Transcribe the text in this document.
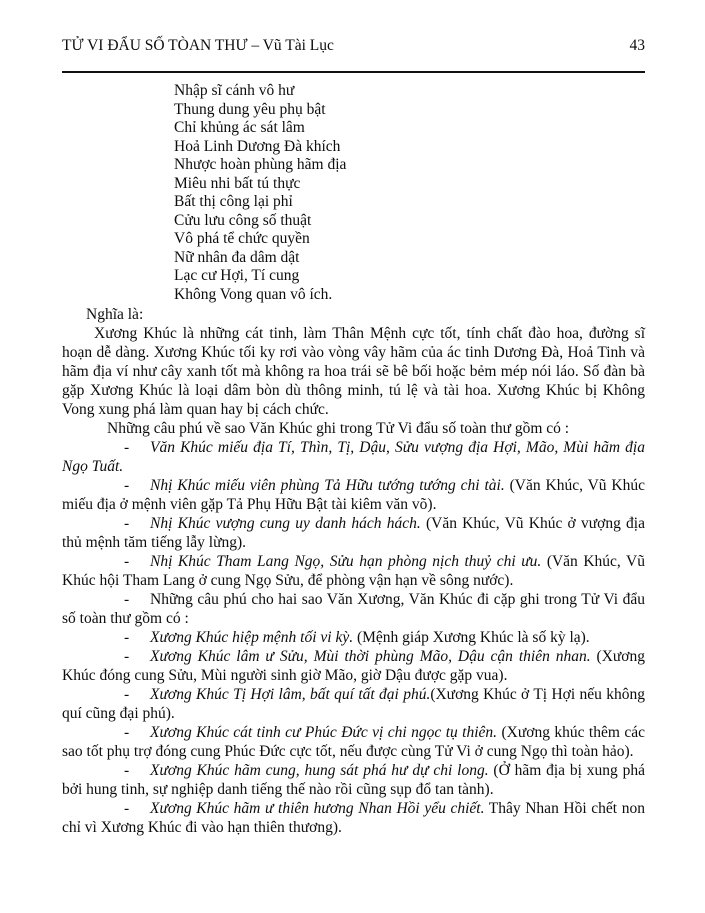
TỬ VI ĐẨU SỐ TÒAN THƯ – Vũ Tài Lục	43
Nhập sĩ cánh vô hư
Thung dung yêu phụ bật
Chỉ khủng ác sát lâm
Hoả Linh Dương Đà khích
Nhược hoàn phùng hãm địa
Miêu nhi bất tú thực
Bất thị công lại phỉ
Cửu lưu công số thuật
Vô phá tể chức quyền
Nữ nhân đa dâm dật
Lạc cư Hợi, Tí cung
Không Vong quan vô ích.

Nghĩa là:

Xương Khúc là những cát tinh, làm Thân Mệnh cực tốt, tính chất đào hoa, đường sĩ hoạn dễ dàng. Xương Khúc tối ky rơi vào vòng vây hãm của ác tinh Dương Đà, Hoả Tinh và hãm địa ví như cây xanh tốt mà không ra hoa trái sẽ bê bối hoặc bẻm mép nói láo. Số đàn bà gặp Xương Khúc là loại dâm bòn dù thông minh, tú lệ và tài hoa. Xương Khúc bị Không Vong xung phá làm quan hay bị cách chức.

Những câu phú về sao Văn Khúc ghi trong Tử Vi đẩu số toàn thư gồm có :

- Văn Khúc miếu địa Tí, Thìn, Tị, Dậu, Sửu vượng địa Hợi, Mão, Mùi hãm địa Ngọ Tuất.

- Nhị Khúc miếu viên phùng Tả Hữu tướng tướng chi tài. (Văn Khúc, Vũ Khúc miếu địa ở mệnh viên gặp Tả Phụ Hữu Bật tài kiêm văn võ).

- Nhị Khúc vượng cung uy danh hách hách. (Văn Khúc, Vũ Khúc ở vượng địa thủ mệnh tăm tiếng lẫy lừng).

- Nhị Khúc Tham Lang Ngọ, Sửu hạn phòng nịch thuỷ chi ưu. (Văn Khúc, Vũ Khúc hội Tham Lang ở cung Ngọ Sửu, để phòng vận hạn về sông nước).

- Những câu phú cho hai sao Văn Xương, Văn Khúc đi cặp ghi trong Tử Vi đẩu số toàn thư gồm có :

- Xương Khúc hiệp mệnh tối vi kỳ. (Mệnh giáp Xương Khúc là số kỳ lạ).

- Xương Khúc lâm ư Sửu, Mùi thời phùng Mão, Dậu cận thiên nhan. (Xương Khúc đóng cung Sửu, Mùi người sinh giờ Mão, giờ Dậu được gặp vua).

- Xương Khúc Tị Hợi lâm, bất quí tất đại phú.(Xương Khúc ở Tị Hợi nếu không quí cũng đại phú).

- Xương Khúc cát tinh cư Phúc Đức vị chi ngọc tụ thiên. (Xương khúc thêm các sao tốt phụ trợ đóng cung Phúc Đức cực tốt, nếu được cùng Tử Vi ở cung Ngọ thì toàn hảo).

- Xương Khúc hãm cung, hung sát phá hư dự chi long. (Ở hãm địa bị xung phá bởi hung tinh, sự nghiệp danh tiếng thế nào rồi cũng sụp đổ tan tành).

- Xương Khúc hãm ư thiên hương Nhan Hồi yểu chiết. Thây Nhan Hồi chết non chỉ vì Xương Khúc đi vào hạn thiên thương).
